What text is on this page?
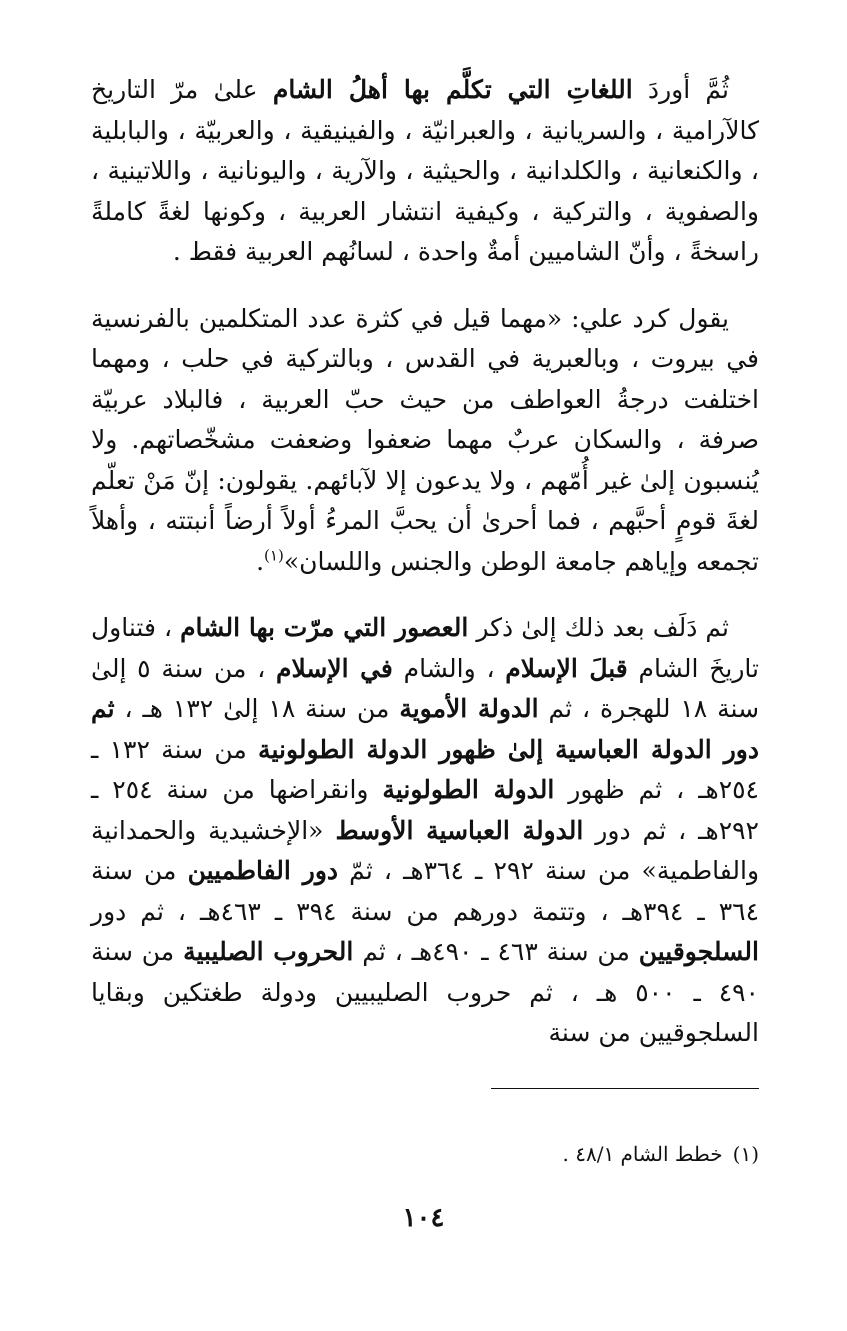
ثُمَّ أوردَ اللغاتِ التي تكلَّم بها أهلُ الشام علىٰ مرّ التاريخ كالآرامية ، والسريانية ، والعبرانيّة ، والفينيقية ، والعربيّة ، والبابلية ، والكنعانية ، والكلدانية ، والحيثية ، والآرية ، واليونانية ، واللاتينية ، والصفوية ، والتركية ، وكيفية انتشار العربية ، وكونها لغةً كاملةً راسخةً ، وأنّ الشاميين أمةٌ واحدة ، لسانُهم العربية فقط .

يقول كرد علي: «مهما قيل في كثرة عدد المتكلمين بالفرنسية في بيروت ، وبالعبرية في القدس ، وبالتركية في حلب ، ومهما اختلفت درجةُ العواطف من حيث حبّ العربية ، فالبلاد عربيّة صرفة ، والسكان عربٌ مهما ضعفوا وضعفت مشخّصاتهم. ولا يُنسبون إلىٰ غير أُمّهم ، ولا يدعون إلا لآبائهم. يقولون: إنّ مَنْ تعلّم لغةَ قومٍ أحبَّهم ، فما أحرىٰ أن يحبَّ المرءُ أولاً أرضاً أنبتته ، وأهلاً تجمعه وإياهم جامعة الوطن والجنس واللسان»$^{(١)}$.

ثم دَلَف بعد ذلك إلىٰ ذكر العصور التي مرّت بها الشام ، فتناول تاريخَ الشام قبلَ الإسلام ، والشام في الإسلام ، من سنة ٥ إلىٰ سنة ١٨ للهجرة ، ثم الدولة الأموية من سنة ١٨ إلىٰ ١٣٢ هـ ، ثم دور الدولة العباسية إلىٰ ظهور الدولة الطولونية من سنة ١٣٢ ـ ٢٥٤هـ ، ثم ظهور الدولة الطولونية وانقراضها من سنة ٢٥٤ ـ ٢٩٢هـ ، ثم دور الدولة العباسية الأوسط «الإخشيدية والحمدانية والفاطمية» من سنة ٢٩٢ ـ ٣٦٤هـ ، ثمّ دور الفاطميين من سنة ٣٦٤ ـ ٣٩٤هـ ، وتتمة دورهم من سنة ٣٩٤ ـ ٤٦٣هـ ، ثم دور السلجوقيين من سنة ٤٦٣ ـ ٤٩٠هـ ، ثم الحروب الصليبية من سنة ٤٩٠ ـ ٥٠٠ هـ ، ثم حروب الصليبيين ودولة طغتكين وبقايا السلجوقيين من سنة

(١)خطط الشام ٤٨/١ .
١٠٤
